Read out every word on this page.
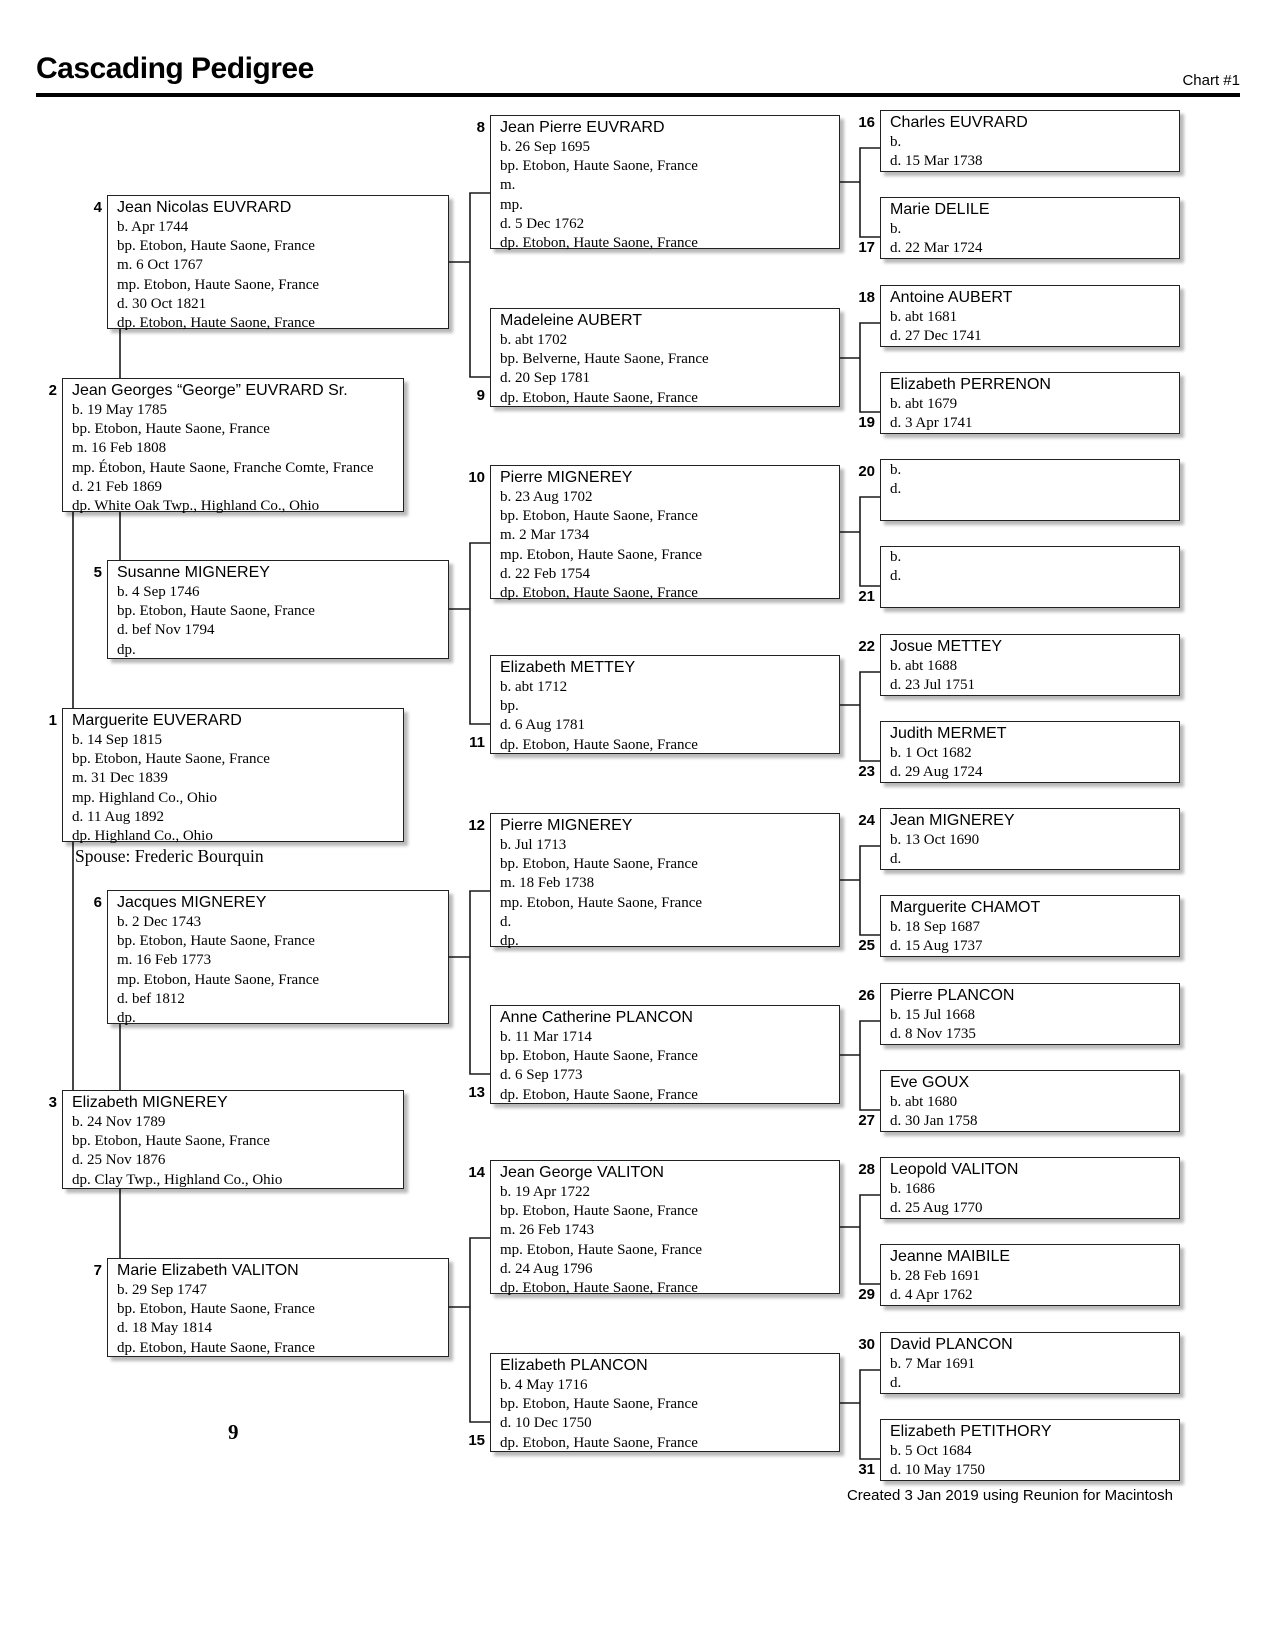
Cascading Pedigree	Chart #1
1 Marguerite EUVERARD
b. 14 Sep 1815
bp. Etobon, Haute Saone, France
m. 31 Dec 1839
mp. Highland Co., Ohio
d. 11 Aug 1892
dp. Highland Co., Ohio
2 Jean Georges “George” EUVRARD Sr.
b. 19 May 1785
bp. Etobon, Haute Saone, France
m. 16 Feb 1808
mp. Étobon, Haute Saone, Franche Comte, France
d. 21 Feb 1869
dp. White Oak Twp., Highland Co., Ohio
3 Elizabeth MIGNEREY
b. 24 Nov 1789
bp. Etobon, Haute Saone, France
d. 25 Nov 1876
dp. Clay Twp., Highland Co., Ohio
4 Jean Nicolas EUVRARD
b. Apr 1744
bp. Etobon, Haute Saone, France
m. 6 Oct 1767
mp. Etobon, Haute Saone, France
d. 30 Oct 1821
dp. Etobon, Haute Saone, France
5 Susanne MIGNEREY
b. 4 Sep 1746
bp. Etobon, Haute Saone, France
d. bef Nov 1794
dp.
6 Jacques MIGNEREY
b. 2 Dec 1743
bp. Etobon, Haute Saone, France
m. 16 Feb 1773
mp. Etobon, Haute Saone, France
d. bef 1812
dp.
7 Marie Elizabeth VALITON
b. 29 Sep 1747
bp. Etobon, Haute Saone, France
d. 18 May 1814
dp. Etobon, Haute Saone, France
8 Jean Pierre EUVRARD
b. 26 Sep 1695
bp. Etobon, Haute Saone, France
m.
mp.
d. 5 Dec 1762
dp. Etobon, Haute Saone, France
9
Madeleine AUBERT
b. abt 1702
bp. Belverne, Haute Saone, France
d. 20 Sep 1781
dp. Etobon, Haute Saone, France
10 Pierre MIGNEREY
b. 23 Aug 1702
bp. Etobon, Haute Saone, France
m. 2 Mar 1734
mp. Etobon, Haute Saone, France
d. 22 Feb 1754
dp. Etobon, Haute Saone, France
11
Elizabeth METTEY
b. abt 1712
bp.
d. 6 Aug 1781
dp. Etobon, Haute Saone, France
12 Pierre MIGNEREY
b. Jul 1713
bp. Etobon, Haute Saone, France
m. 18 Feb 1738
mp. Etobon, Haute Saone, France
d.
dp.
13
Anne Catherine PLANCON
b. 11 Mar 1714
bp. Etobon, Haute Saone, France
d. 6 Sep 1773
dp. Etobon, Haute Saone, France
14 Jean George VALITON
b. 19 Apr 1722
bp. Etobon, Haute Saone, France
m. 26 Feb 1743
mp. Etobon, Haute Saone, France
d. 24 Aug 1796
dp. Etobon, Haute Saone, France
15
Elizabeth PLANCON
b. 4 May 1716
bp. Etobon, Haute Saone, France
d. 10 Dec 1750
dp. Etobon, Haute Saone, France
16 Charles EUVRARD
b.
d. 15 Mar 1738
17
Marie DELILE
b.
d. 22 Mar 1724
18 Antoine AUBERT
b. abt 1681
d. 27 Dec 1741
19
Elizabeth PERRENON
b. abt 1679
d. 3 Apr 1741
20 b.
d.
21
b.
d.
22 Josue METTEY
b. abt 1688
d. 23 Jul 1751
23
Judith MERMET
b. 1 Oct 1682
d. 29 Aug 1724
24 Jean MIGNEREY
b. 13 Oct 1690
d.
25
Marguerite CHAMOT
b. 18 Sep 1687
d. 15 Aug 1737
26 Pierre PLANCON
b. 15 Jul 1668
d. 8 Nov 1735
27
Eve GOUX
b. abt 1680
d. 30 Jan 1758
28 Leopold VALITON
b. 1686
d. 25 Aug 1770
29
Jeanne MAIBILE
b. 28 Feb 1691
d. 4 Apr 1762
30 David PLANCON
b. 7 Mar 1691
d.
31
Elizabeth PETITHORY
b. 5 Oct 1684
d. 10 May 1750
Spouse: Frederic Bourquin
9
Created 3 Jan 2019 using Reunion for Macintosh
